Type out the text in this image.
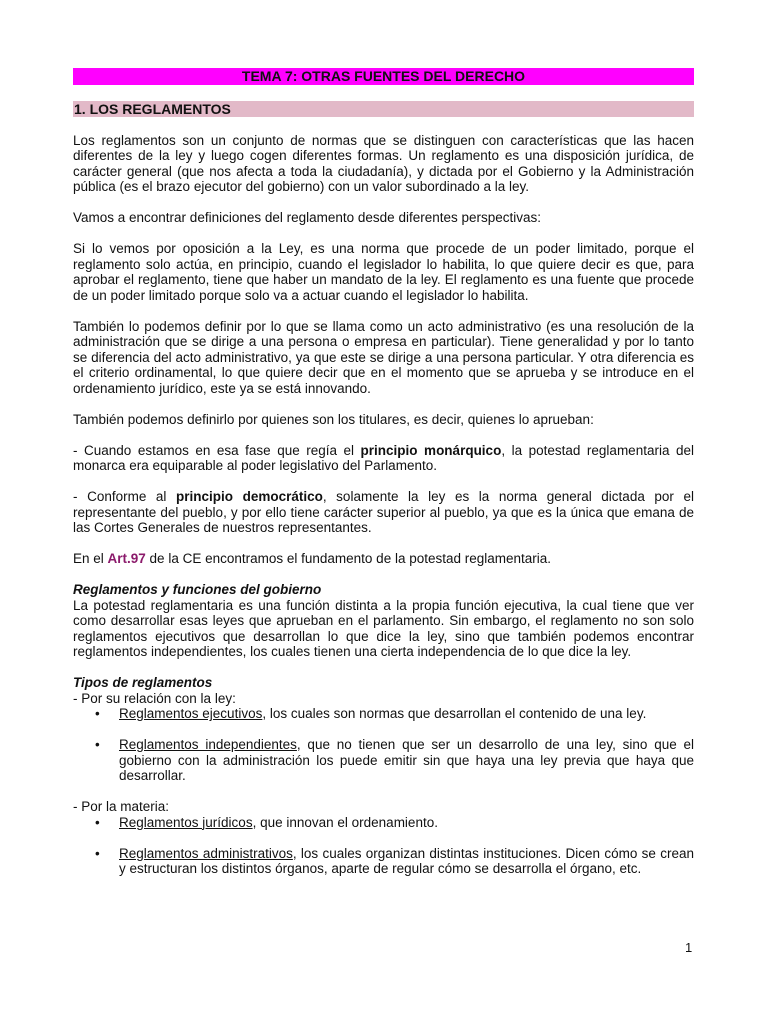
TEMA 7: OTRAS FUENTES DEL DERECHO
1. LOS REGLAMENTOS

Los reglamentos son un conjunto de normas que se distinguen con características que las hacen diferentes de la ley y luego cogen diferentes formas. Un reglamento es una disposición jurídica, de carácter general (que nos afecta a toda la ciudadanía), y dictada por el Gobierno y la Administración pública (es el brazo ejecutor del gobierno) con un valor subordinado a la ley.

Vamos a encontrar definiciones del reglamento desde diferentes perspectivas:

Si lo vemos por oposición a la Ley, es una norma que procede de un poder limitado, porque el reglamento solo actúa, en principio, cuando el legislador lo habilita, lo que quiere decir es que, para aprobar el reglamento, tiene que haber un mandato de la ley. El reglamento es una fuente que procede de un poder limitado porque solo va a actuar cuando el legislador lo habilita.

También lo podemos definir por lo que se llama como un acto administrativo (es una resolución de la administración que se dirige a una persona o empresa en particular). Tiene generalidad y por lo tanto se diferencia del acto administrativo, ya que este se dirige a una persona particular. Y otra diferencia es el criterio ordinamental, lo que quiere decir que en el momento que se aprueba y se introduce en el ordenamiento jurídico, este ya se está innovando.

También podemos definirlo por quienes son los titulares, es decir, quienes lo aprueban:

- Cuando estamos en esa fase que regía el principio monárquico, la potestad reglamentaria del monarca era equiparable al poder legislativo del Parlamento.

- Conforme al principio democrático, solamente la ley es la norma general dictada por el representante del pueblo, y por ello tiene carácter superior al pueblo, ya que es la única que emana de las Cortes Generales de nuestros representantes.

En el Art.97 de la CE encontramos el fundamento de la potestad reglamentaria.

Reglamentos y funciones del gobierno

La potestad reglamentaria es una función distinta a la propia función ejecutiva, la cual tiene que ver como desarrollar esas leyes que aprueban en el parlamento. Sin embargo, el reglamento no son solo reglamentos ejecutivos que desarrollan lo que dice la ley, sino que también podemos encontrar reglamentos independientes, los cuales tienen una cierta independencia de lo que dice la ley.

Tipos de reglamentos

- Por su relación con la ley:

• Reglamentos ejecutivos, los cuales son normas que desarrollan el contenido de una ley.
• Reglamentos independientes, que no tienen que ser un desarrollo de una ley, sino que el gobierno con la administración los puede emitir sin que haya una ley previa que haya que desarrollar.

- Por la materia:

• Reglamentos jurídicos, que innovan el ordenamiento.
• Reglamentos administrativos, los cuales organizan distintas instituciones. Dicen cómo se crean y estructuran los distintos órganos, aparte de regular cómo se desarrolla el órgano, etc.
1
